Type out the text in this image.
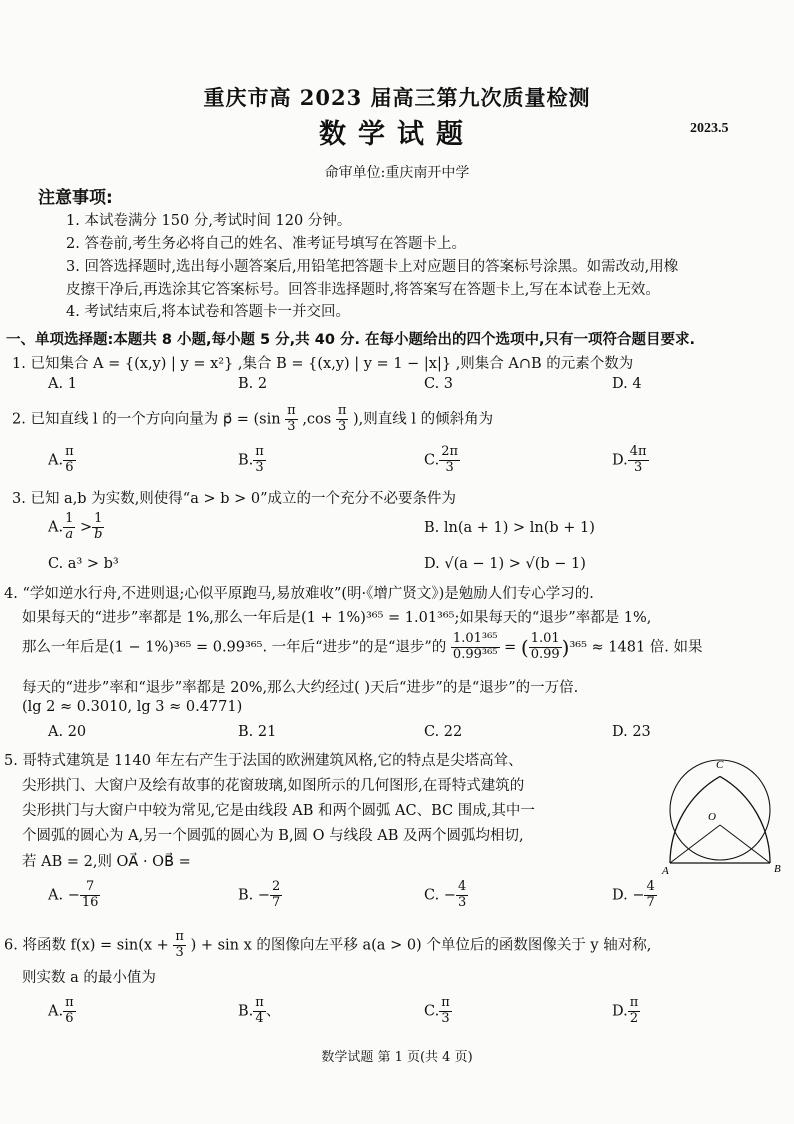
重庆市高 2023 届高三第九次质量检测
数学试题	2023.5
命审单位:重庆南开中学
注意事项:
1. 本试卷满分 150 分,考试时间 120 分钟。
2. 答卷前,考生务必将自己的姓名、准考证号填写在答题卡上。
3. 回答选择题时,选出每小题答案后,用铅笔把答题卡上对应题目的答案标号涂黑。如需改动,用橡
皮擦干净后,再选涂其它答案标号。回答非选择题时,将答案写在答题卡上,写在本试卷上无效。
4. 考试结束后,将本试卷和答题卡一并交回。
一、单项选择题:本题共 8 小题,每小题 5 分,共 40 分. 在每小题给出的四个选项中,只有一项符合题目要求.
1. 已知集合 A = {(x,y) | y = x²} ,集合 B = {(x,y) | y = 1 − |x|} ,则集合 A∩B 的元素个数为
A. 1	B. 2	C. 3	D. 4
2. 已知直线 l 的一个方向向量为 p⃗ = ($\sin \frac{\pi}{3} ,\cos \frac{\pi}{3}$ ),则直线 l 的倾斜角为
A. $\frac{\pi}{6}$	B. $\frac{\pi}{3}$	C. $\frac{2\pi}{3}$	D. $\frac{4\pi}{3}$
3. 已知 a,b 为实数,则使得“a > b > 0”成立的一个充分不必要条件为
A. $\frac{1}{a} > \frac{1}{b}$	B. ln(a + 1) > ln(b + 1)
C. a³ > b³	D. √(a − 1) > √(b − 1)
4. “学如逆水行舟,不进则退;心似平原跑马,易放难收”(明·《增广贤文》)是勉励人们专心学习的.
如果每天的“进步”率都是 1%,那么一年后是(1 + 1%)³⁶⁵ = 1.01³⁶⁵;如果每天的“退步”率都是 1%,
那么一年后是(1 − 1%)³⁶⁵ = 0.99³⁶⁵. 一年后“进步”的是“退步”的 $\frac{\text{1.01³⁶⁵}}{\text{0.99³⁶⁵}}$ = ( $\frac{1.01}{0.99} )^{365} \approx 1481$ 倍. 如果
每天的“进步”率和“退步”率都是 20%,那么大约经过( )天后“进步”的是“退步”的一万倍.
(lg 2 ≈ 0.3010, lg 3 ≈ 0.4771)
A. 20	B. 21	C. 22	D. 23
5. 哥特式建筑是 1140 年左右产生于法国的欧洲建筑风格,它的特点是尖塔高耸、
尖形拱门、大窗户及绘有故事的花窗玻璃,如图所示的几何图形,在哥特式建筑的
尖形拱门与大窗户中较为常见,它是由线段 AB 和两个圆弧 AC、BC 围成,其中一
个圆弧的圆心为 A,另一个圆弧的圆心为 B,圆 O 与线段 AB 及两个圆弧均相切,
若 AB = 2,则 OA⃗ · OB⃗ =
C
O
A	B
A. − $\frac{7}{16}$	B. − $\frac{2}{7}$	C. − $\frac{4}{3}$	D. − $\frac{4}{7}$
6. 将函数 $f(x) = \sin(x + \frac{\pi}{3}$ ) + sin x 的图像向左平移 a(a > 0) 个单位后的函数图像关于 y 轴对称,
则实数 a 的最小值为
A. $\frac{\pi}{6}$	B. $\frac{\pi}{4}$ 、	C. $\frac{\pi}{3}$	D. $\frac{\pi}{2}$
数学试题 第 1 页(共 4 页)
